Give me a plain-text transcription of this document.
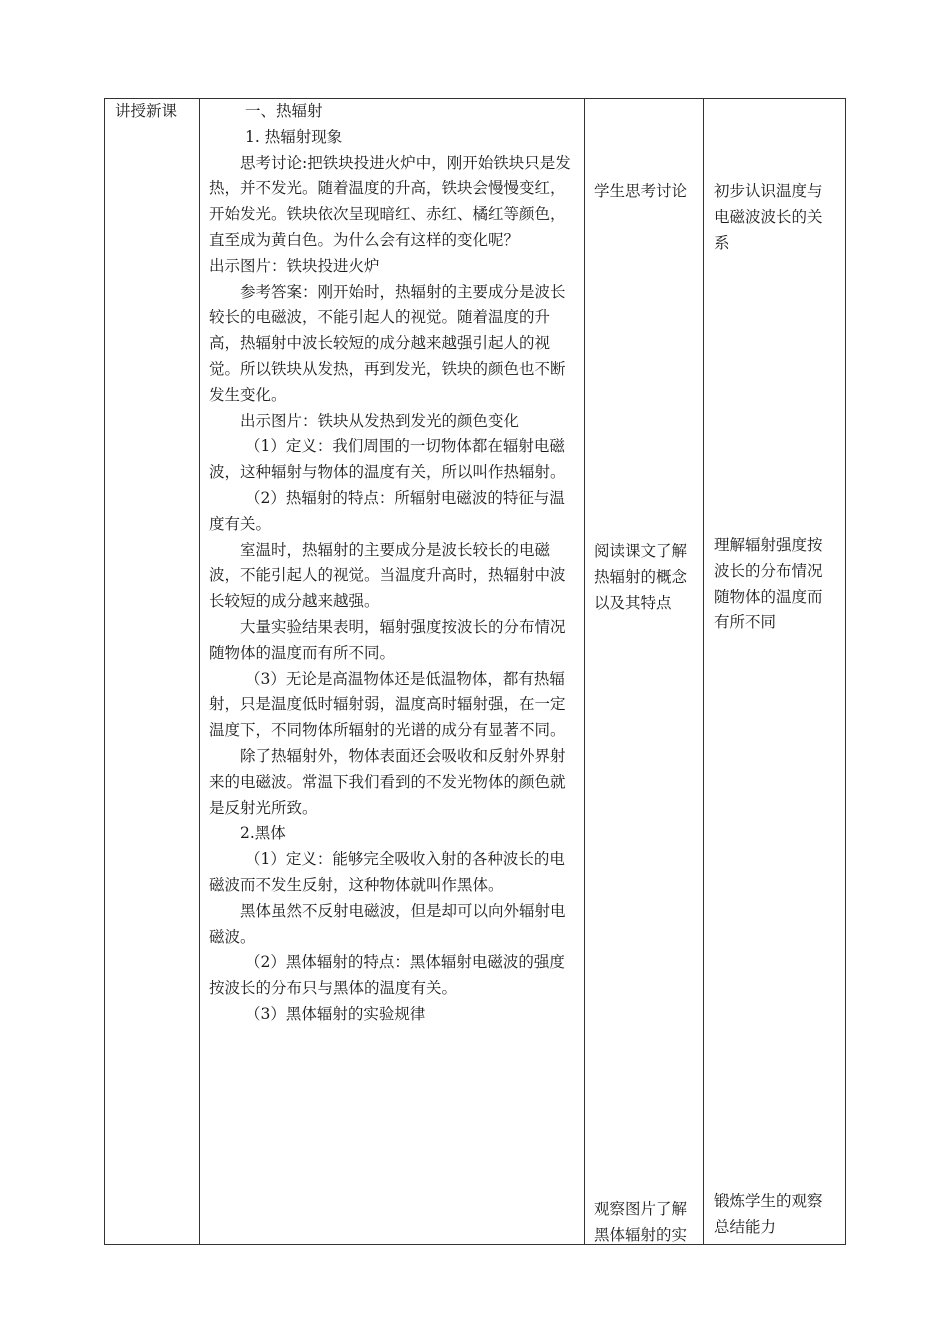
讲授新课	一、热辐射

1. 热辐射现象

思考讨论:把铁块投进火炉中，刚开始铁块只是发热，并不发光。随着温度的升高，铁块会慢慢变红，开始发光。铁块依次呈现暗红、赤红、橘红等颜色，直至成为黄白色。为什么会有这样的变化呢？

出示图片：铁块投进火炉

参考答案：刚开始时，热辐射的主要成分是波长较长的电磁波，不能引起人的视觉。随着温度的升高，热辐射中波长较短的成分越来越强引起人的视觉。所以铁块从发热，再到发光，铁块的颜色也不断发生变化。

出示图片：铁块从发热到发光的颜色变化

（1）定义：我们周围的一切物体都在辐射电磁波，这种辐射与物体的温度有关，所以叫作热辐射。

（2）热辐射的特点：所辐射电磁波的特征与温度有关。

室温时，热辐射的主要成分是波长较长的电磁波，不能引起人的视觉。当温度升高时，热辐射中波长较短的成分越来越强。

大量实验结果表明，辐射强度按波长的分布情况随物体的温度而有所不同。

（3）无论是高温物体还是低温物体，都有热辐射，只是温度低时辐射弱，温度高时辐射强，在一定温度下，不同物体所辐射的光谱的成分有显著不同。

除了热辐射外，物体表面还会吸收和反射外界射来的电磁波。常温下我们看到的不发光物体的颜色就是反射光所致。

2.黑体

（1）定义：能够完全吸收入射的各种波长的电磁波而不发生反射，这种物体就叫作黑体。

黑体虽然不反射电磁波，但是却可以向外辐射电磁波。

（2）黑体辐射的特点：黑体辐射电磁波的强度按波长的分布只与黑体的温度有关。

（3）黑体辐射的实验规律

学生思考讨论
阅读课文了解热辐射的概念以及其特点
观察图片了解黑体辐射的实
初步认识温度与电磁波波长的关系
理解辐射强度按波长的分布情况随物体的温度而有所不同
锻炼学生的观察总结能力
